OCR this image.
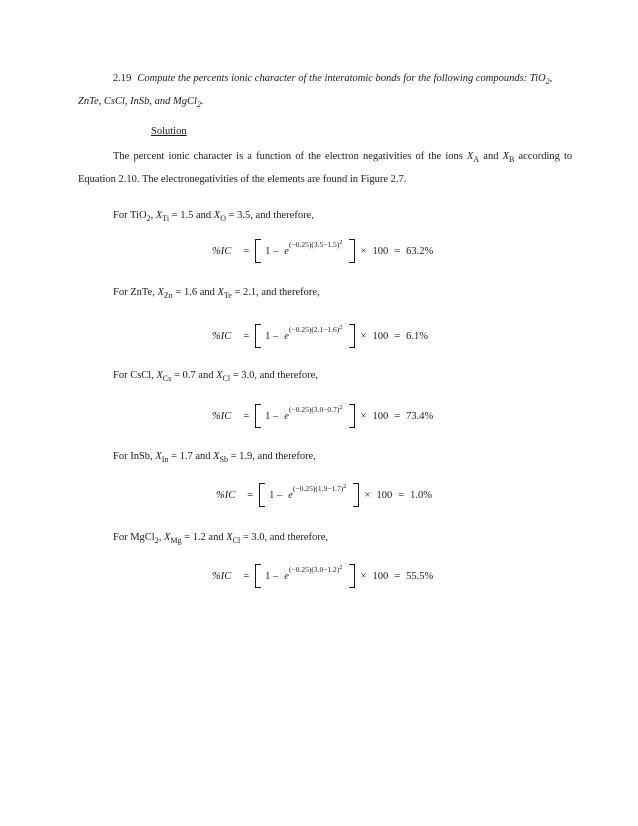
2.19 Compute the percents ionic character of the interatomic bonds for the following compounds: TiO$_2$,
ZnTe, CsCl, InSb, and MgCl$_2$.
Solution
The percent ionic character is a function of the electron negativities of the ions $X_A$ and $X_B$ according to
Equation 2.10. The electronegativities of the elements are found in Figure 2.7.
For TiO$_2$, $X_{Ti} = 1.5$ and $X_O = 3.5$, and therefore,
%IC = 1 – e
(−0.25)(3.5−1.5)2
× 100 = 63.2%
For ZnTe, $X_{Zn} = 1.6$ and $X_{Te} = 2.1$, and therefore,
%IC = 1 – e
(−0.25)(2.1−1.6)2
× 100 = 6.1%
For CsCl, $X_{Cs} = 0.7$ and $X_{Cl} = 3.0$, and therefore,
%IC = 1 – e
(−0.25)(3.0−0.7)2
× 100 = 73.4%
For InSb, $X_{In} = 1.7$ and $X_{Sb} = 1.9$, and therefore,
%IC = 1 – e
(−0.25)(1.9−1.7)2
× 100 = 1.0%
For MgCl$_2$, $X_{Mg} = 1.2$ and $X_{Cl} = 3.0$, and therefore,
%IC = 1 – e
(−0.25)(3.0−1.2)2
× 100 = 55.5%
